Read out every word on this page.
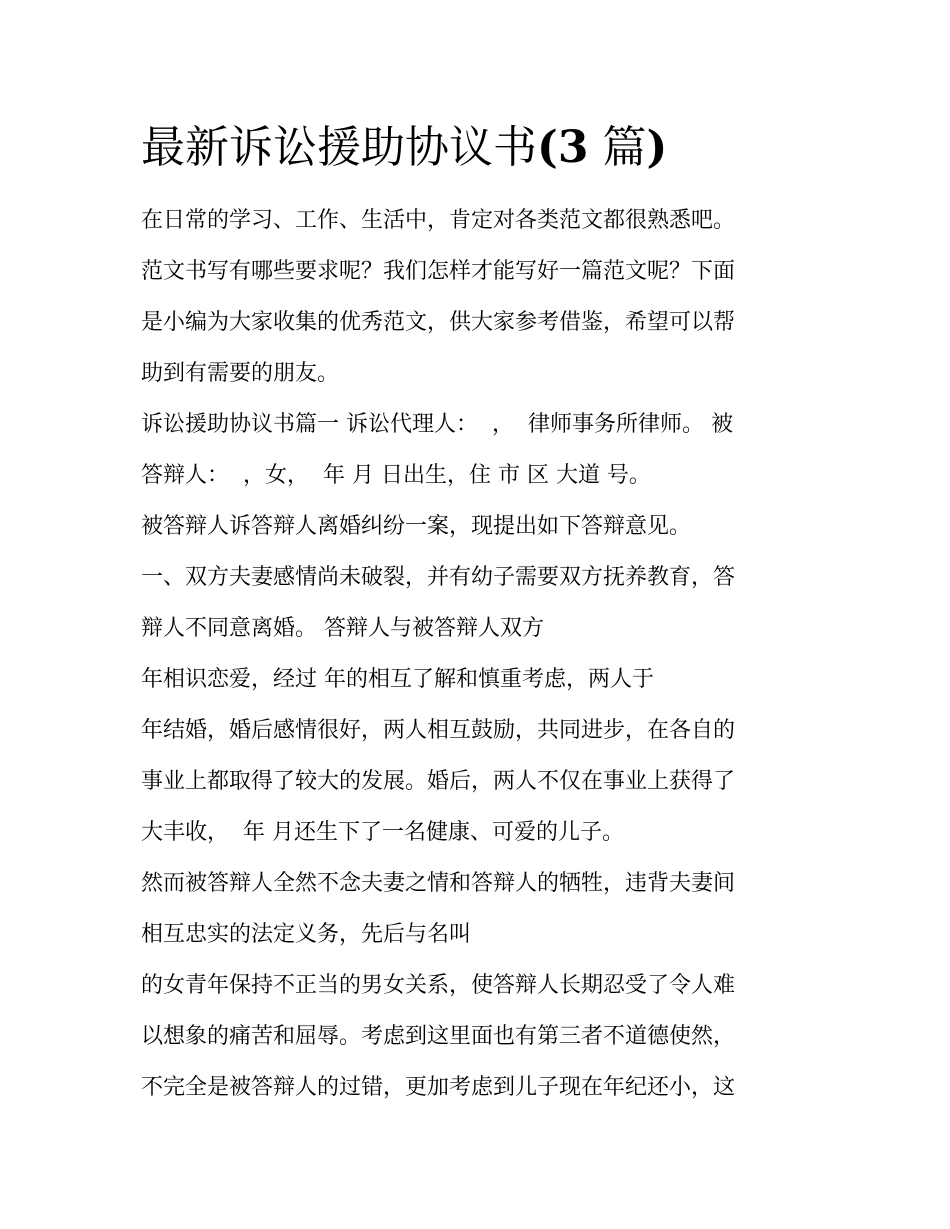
最新诉讼援助协议书(3 篇)

在日常的学习、工作、生活中，肯定对各类范文都很熟悉吧。

范文书写有哪些要求呢？我们怎样才能写好一篇范文呢？下面

是小编为大家收集的优秀范文，供大家参考借鉴，希望可以帮

助到有需要的朋友。

诉讼援助协议书篇一 诉讼代理人：  ，  律师事务所律师。 被

答辩人：  ，女，  年 月 日出生，住 市 区 大道 号。

被答辩人诉答辩人离婚纠纷一案，现提出如下答辩意见。

一、双方夫妻感情尚未破裂，并有幼子需要双方抚养教育，答

辩人不同意离婚。 答辩人与被答辩人双方

年相识恋爱，经过 年的相互了解和慎重考虑，两人于

年结婚，婚后感情很好，两人相互鼓励，共同进步，在各自的

事业上都取得了较大的发展。婚后，两人不仅在事业上获得了

大丰收，  年 月还生下了一名健康、可爱的儿子。

然而被答辩人全然不念夫妻之情和答辩人的牺牲，违背夫妻间

相互忠实的法定义务，先后与名叫

的女青年保持不正当的男女关系，使答辩人长期忍受了令人难

以想象的痛苦和屈辱。考虑到这里面也有第三者不道德使然，

不完全是被答辩人的过错，更加考虑到儿子现在年纪还小，这
